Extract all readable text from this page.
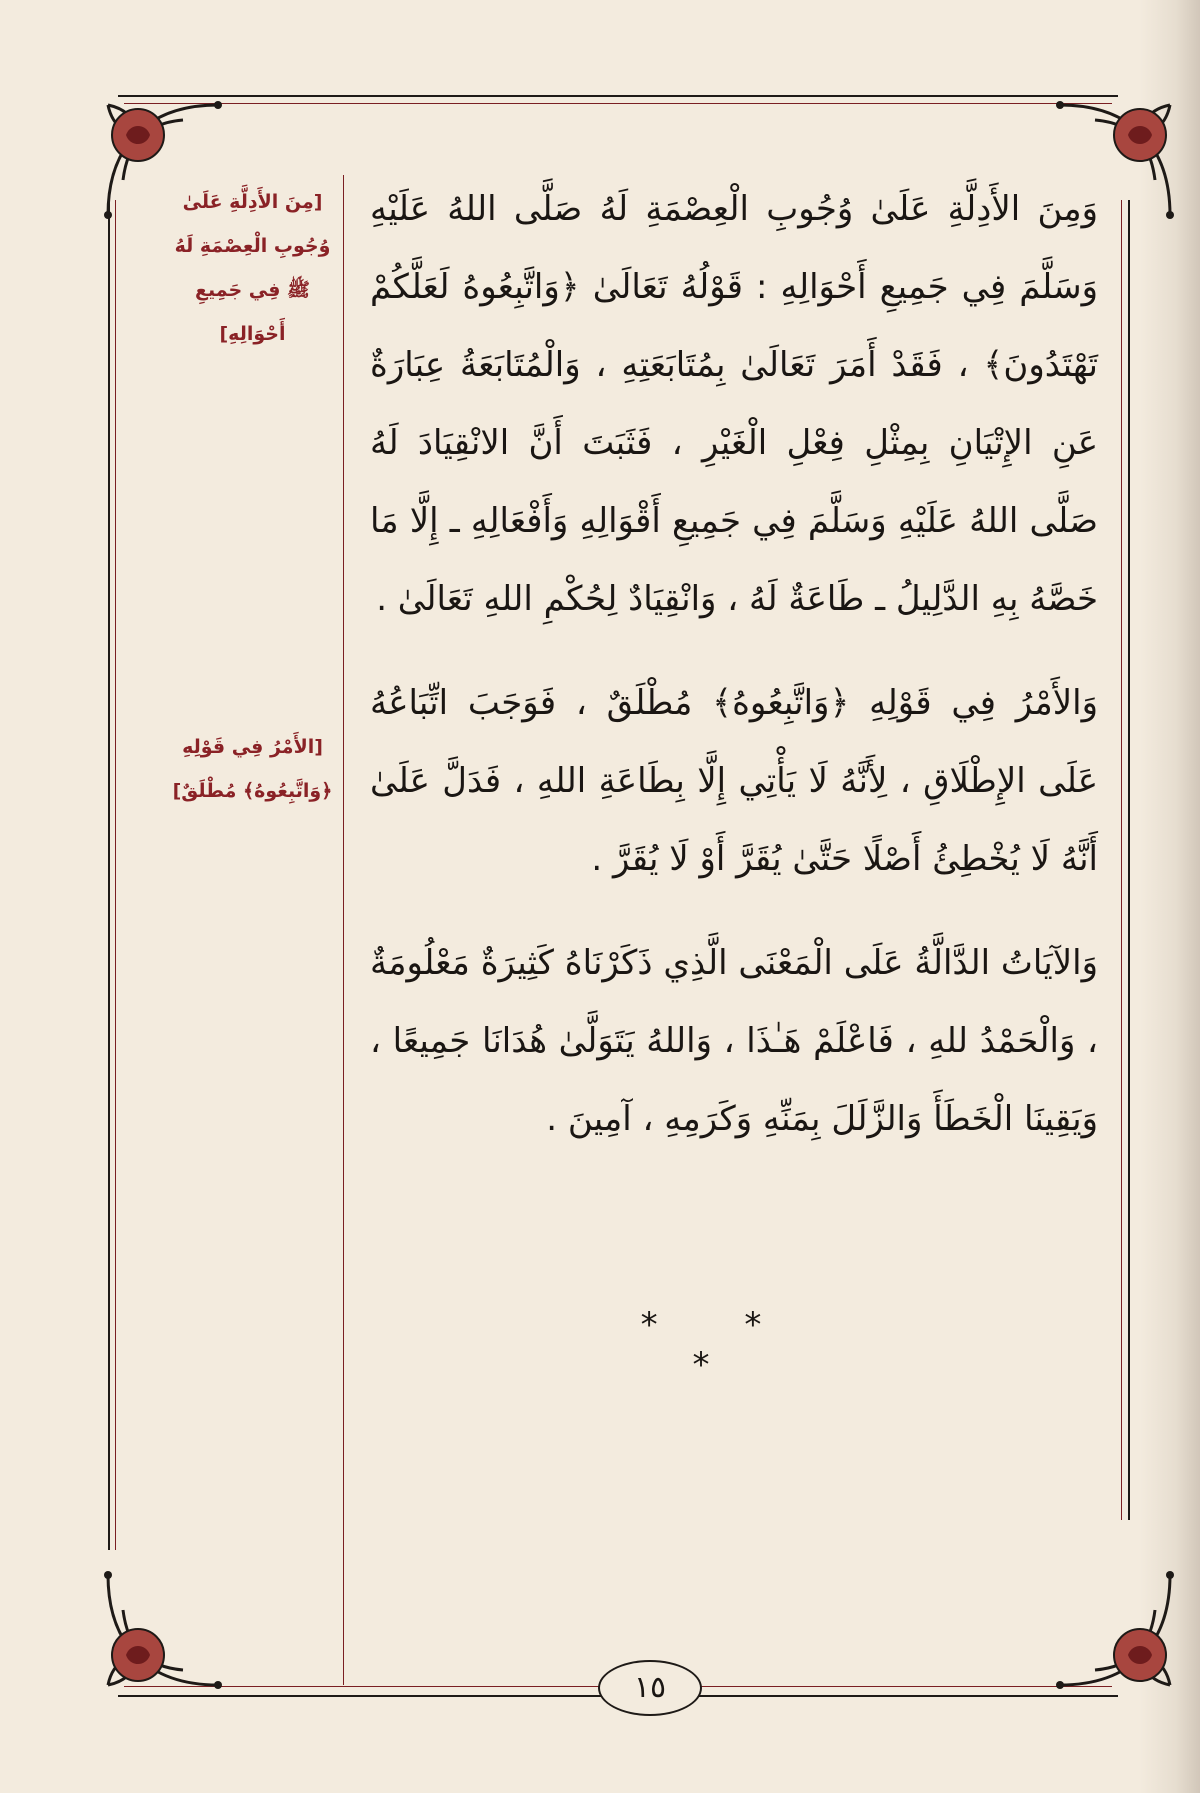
[مِنَ الأَدِلَّةِ عَلَىٰ وُجُوبِ الْعِصْمَةِ لَهُ ﷺ فِي جَمِيعِ أَحْوَالِهِ]
[الأَمْرُ فِي قَوْلِهِ ﴿وَاتَّبِعُوهُ﴾ مُطْلَقٌ]

وَمِنَ الأَدِلَّةِ عَلَىٰ وُجُوبِ الْعِصْمَةِ لَهُ صَلَّى اللهُ عَلَيْهِ وَسَلَّمَ فِي جَمِيعِ أَحْوَالِهِ : قَوْلُهُ تَعَالَىٰ ﴿وَاتَّبِعُوهُ لَعَلَّكُمْ تَهْتَدُونَ﴾ ، فَقَدْ أَمَرَ تَعَالَىٰ بِمُتَابَعَتِهِ ، وَالْمُتَابَعَةُ عِبَارَةٌ عَنِ الإِتْيَانِ بِمِثْلِ فِعْلِ الْغَيْرِ ، فَثَبَتَ أَنَّ الانْقِيَادَ لَهُ صَلَّى اللهُ عَلَيْهِ وَسَلَّمَ فِي جَمِيعِ أَقْوَالِهِ وَأَفْعَالِهِ ـ إِلَّا مَا خَصَّهُ بِهِ الدَّلِيلُ ـ طَاعَةٌ لَهُ ، وَانْقِيَادٌ لِحُكْمِ اللهِ تَعَالَىٰ .

وَالأَمْرُ فِي قَوْلِهِ ﴿وَاتَّبِعُوهُ﴾ مُطْلَقٌ ، فَوَجَبَ اتِّبَاعُهُ عَلَى الإِطْلَاقِ ، لِأَنَّهُ لَا يَأْتِي إِلَّا بِطَاعَةِ اللهِ ، فَدَلَّ عَلَىٰ أَنَّهُ لَا يُخْطِئُ أَصْلًا حَتَّىٰ يُقَرَّ أَوْ لَا يُقَرَّ .

وَالآيَاتُ الدَّالَّةُ عَلَى الْمَعْنَى الَّذِي ذَكَرْنَاهُ كَثِيرَةٌ مَعْلُومَةٌ ، وَالْحَمْدُ للهِ ، فَاعْلَمْ هَـٰذَا ، وَاللهُ يَتَوَلَّىٰ هُدَانَا جَمِيعًا ، وَيَقِينَا الْخَطَأَ وَالزَّلَلَ بِمَنِّهِ وَكَرَمِهِ ، آمِينَ .

* * *
١٥
